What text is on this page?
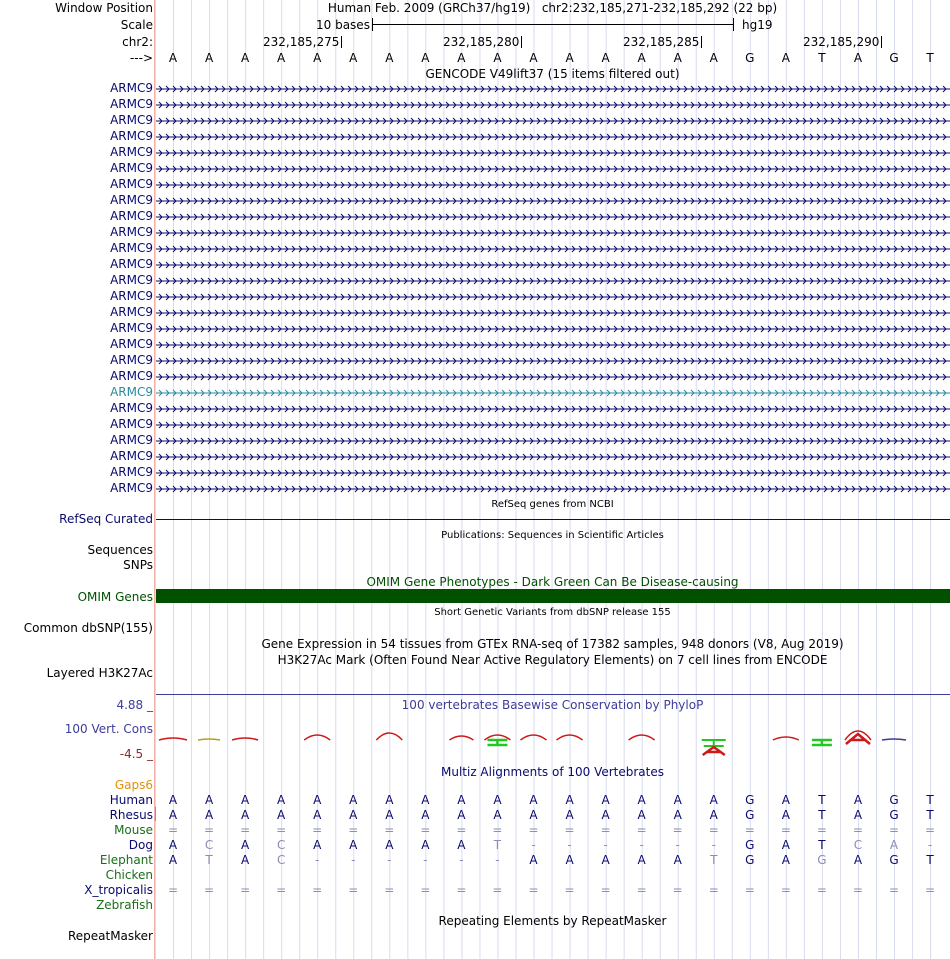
Window Position	Human Feb. 2009 (GRCh37/hg19) chr2:232,185,271-232,185,292 (22 bp)
Scale	10 bases	hg19
chr2:	232,185,275	232,185,280	232,185,285	232,185,290
--->	A	A	A	A	A	A	A	A	A	A	A	A	A	A	A	A	G	A	T	A	G	T
GENCODE V49lift37 (15 items filtered out)
ARMC9
ARMC9
ARMC9
ARMC9
ARMC9
ARMC9
ARMC9
ARMC9
ARMC9
ARMC9
ARMC9
ARMC9
ARMC9
ARMC9
ARMC9
ARMC9
ARMC9
ARMC9
ARMC9
ARMC9
ARMC9
ARMC9
ARMC9
ARMC9
ARMC9
ARMC9
RefSeq genes from NCBI
RefSeq Curated
Publications: Sequences in Scientific Articles
Sequences
SNPs
OMIM Gene Phenotypes - Dark Green Can Be Disease-causing
OMIM Genes
Short Genetic Variants from dbSNP release 155
Common dbSNP(155)
Gene Expression in 54 tissues from GTEx RNA-seq of 17382 samples, 948 donors (V8, Aug 2019)
H3K27Ac Mark (Often Found Near Active Regulatory Elements) on 7 cell lines from ENCODE
Layered H3K27Ac
4.88 _	100 vertebrates Basewise Conservation by PhyloP
100 Vert. Cons
-4.5 _
Multiz Alignments of 100 Vertebrates
Gaps6
Human	A	A	A	A	A	A	A	A	A	A	A	A	A	A	A	A	G	A	T	A	G	T
Rhesus	A	A	A	A	A	A	A	A	A	A	A	A	A	A	A	A	G	A	T	A	G	T
Mouse	=	=	=	=	=	=	=	=	=	=	=	=	=	=	=	=	=	=	=	=	=	=
Dog	A	C	A	C	A	A	A	A	A	T	-	-	-	-	-	-	G	A	T	C	A	-
Elephant	A	T	A	C	-	-	-	-	-	-	A	A	A	A	A	T	G	A	G	A	G	T
Chicken
X_tropicalis	=	=	=	=	=	=	=	=	=	=	=	=	=	=	=	=	=	=	=	=	=	=
Zebrafish
Repeating Elements by RepeatMasker
RepeatMasker
